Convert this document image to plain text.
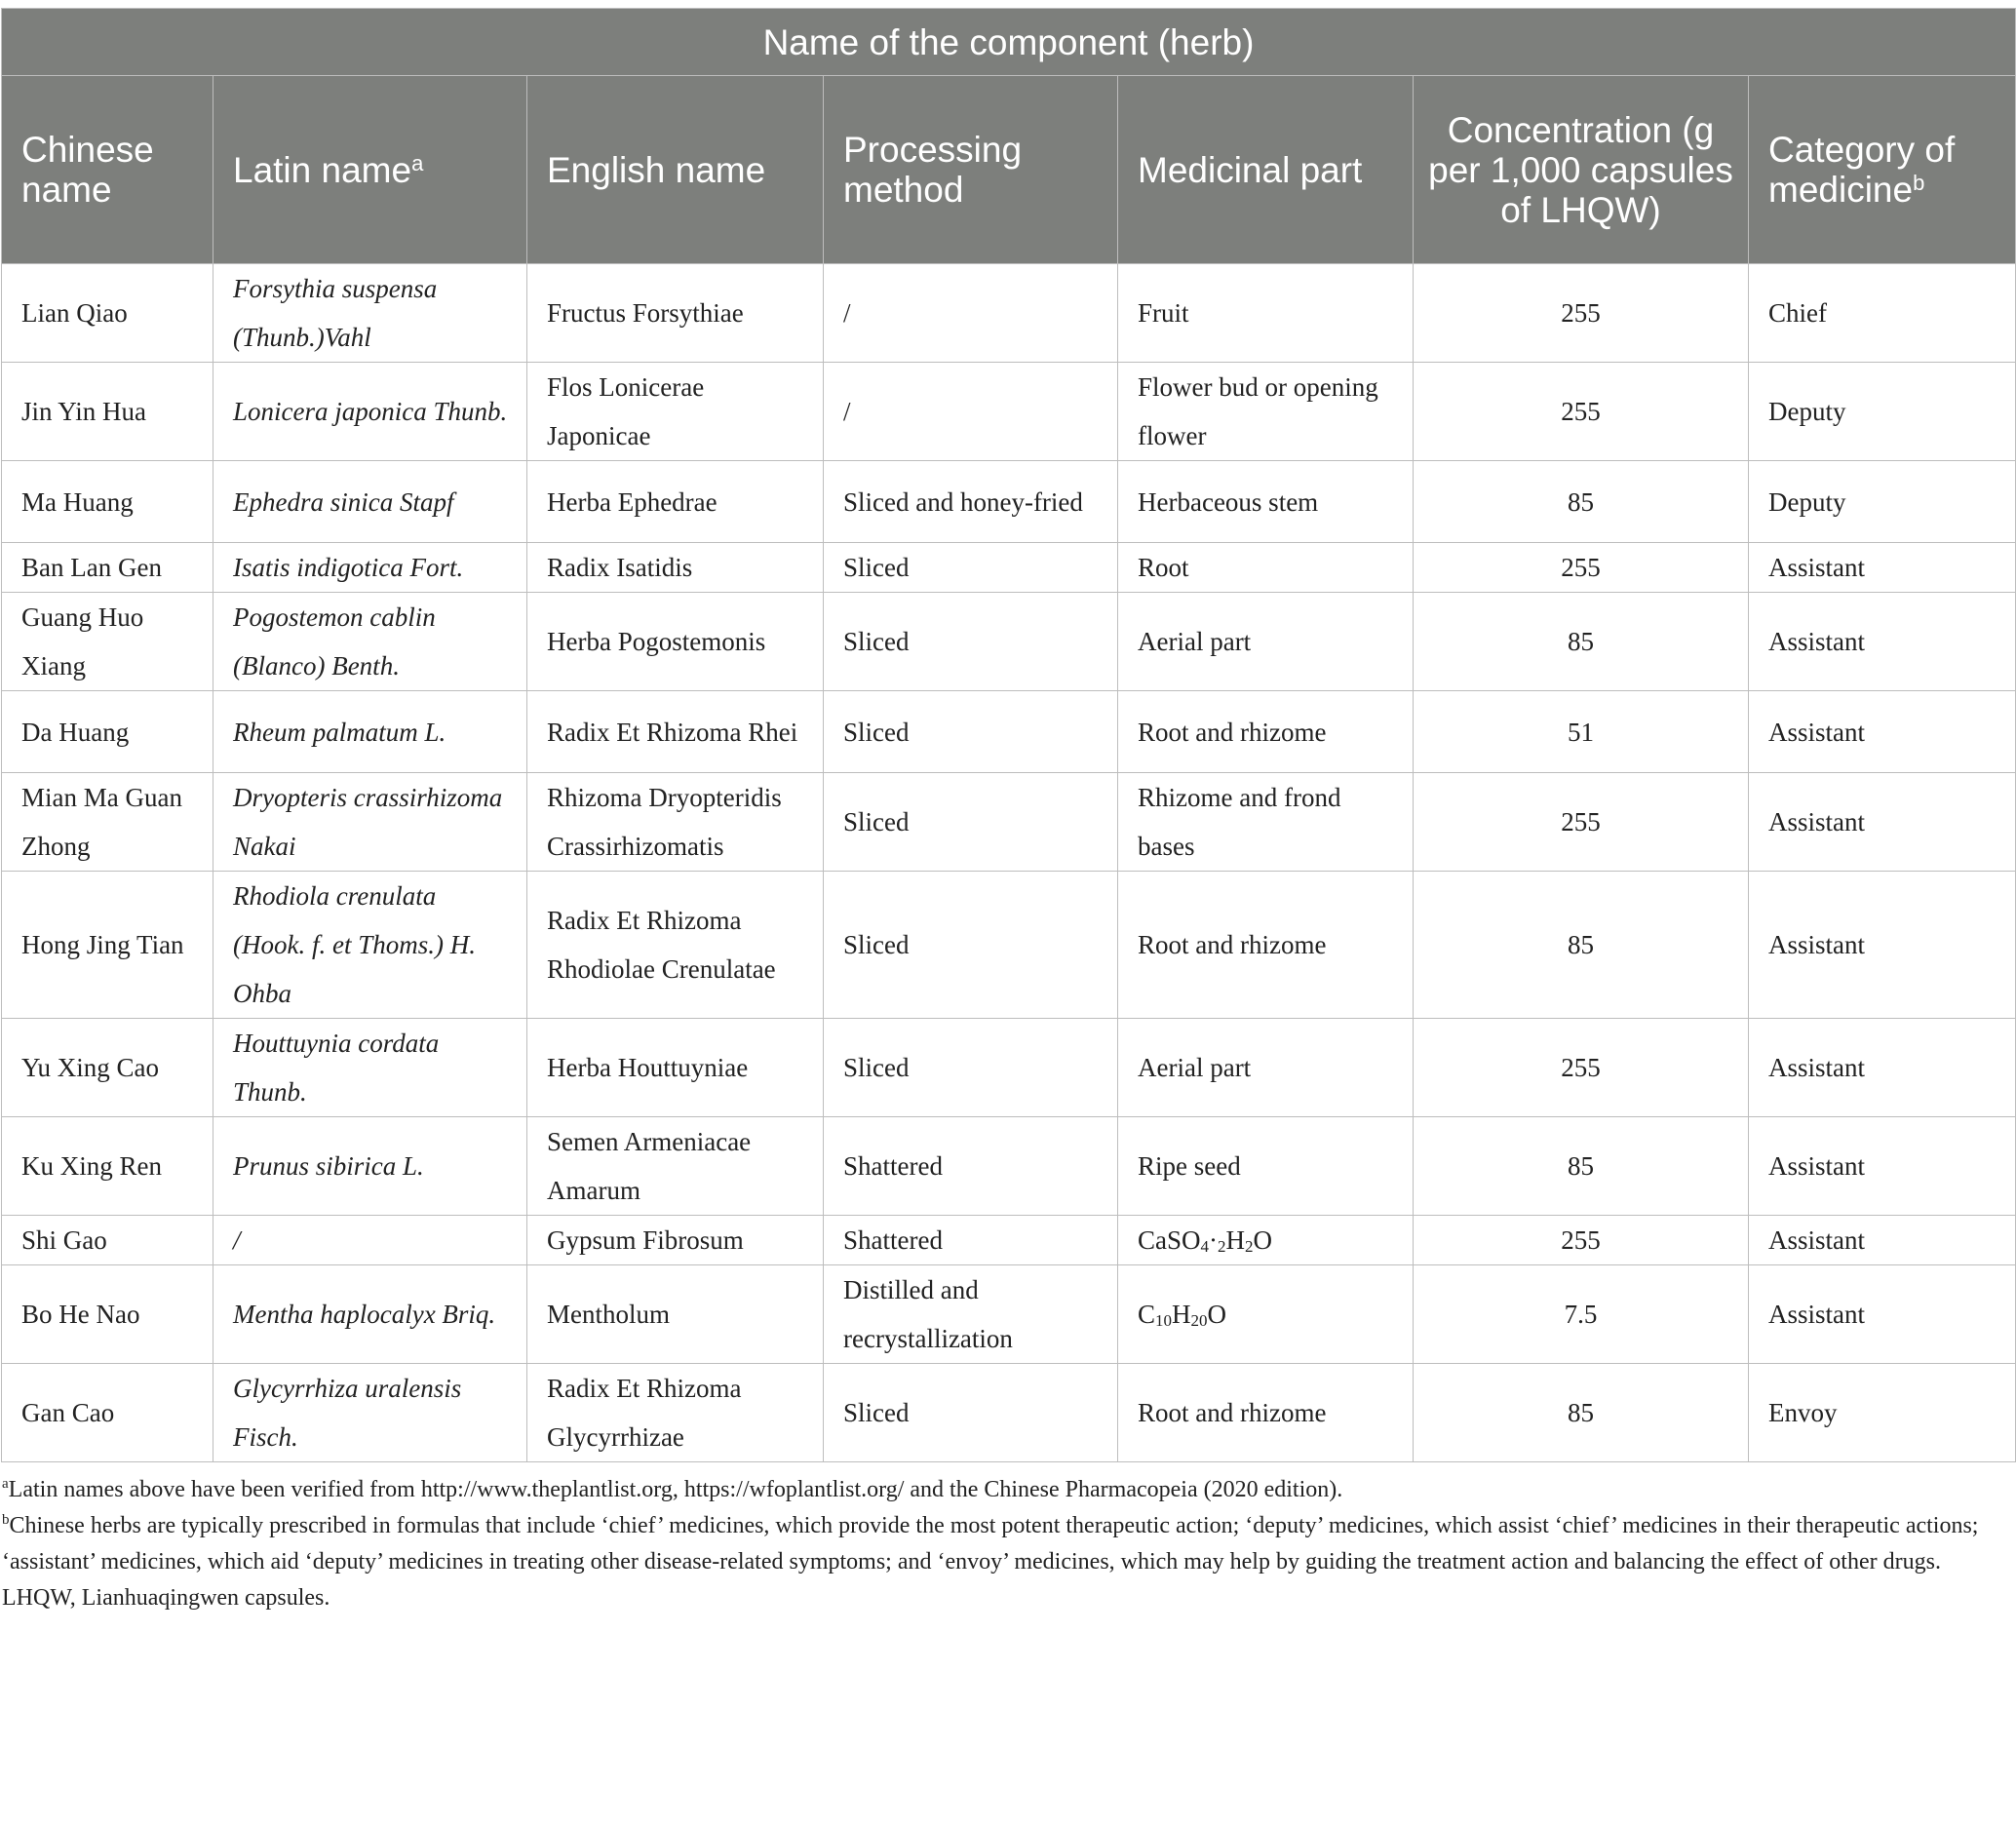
Name of the component (herb)						
Chinese name	Latin name$^a$	English name	Processing method	Medicinal part	Concentration (g per 1,000 capsules of LHQW)	Category of medicine$^b$
Lian Qiao	Forsythia suspensa (Thunb.)Vahl	Fructus Forsythiae	/	Fruit	255	Chief
Jin Yin Hua	Lonicera japonica Thunb.	Flos Lonicerae Japonicae	/	Flower bud or opening flower	255	Deputy
Ma Huang	Ephedra sinica Stapf	Herba Ephedrae	Sliced and honey-fried	Herbaceous stem	85	Deputy
Ban Lan Gen	Isatis indigotica Fort.	Radix Isatidis	Sliced	Root	255	Assistant
Guang Huo Xiang	Pogostemon cablin (Blanco) Benth.	Herba Pogostemonis	Sliced	Aerial part	85	Assistant
Da Huang	Rheum palmatum L.	Radix Et Rhizoma Rhei	Sliced	Root and rhizome	51	Assistant
Mian Ma Guan Zhong	Dryopteris crassirhizoma Nakai	Rhizoma Dryopteridis Crassirhizomatis	Sliced	Rhizome and frond bases	255	Assistant
Hong Jing Tian	Rhodiola crenulata (Hook. f. et Thoms.) H. Ohba	Radix Et Rhizoma Rhodiolae Crenulatae	Sliced	Root and rhizome	85	Assistant
Yu Xing Cao	Houttuynia cordata Thunb.	Herba Houttuyniae	Sliced	Aerial part	255	Assistant
Ku Xing Ren	Prunus sibirica L.	Semen Armeniacae Amarum	Shattered	Ripe seed	85	Assistant
Shi Gao	/	Gypsum Fibrosum	Shattered	$CaSO_4\cdot_2H_2O$	255	Assistant
Bo He Nao	Mentha haplocalyx Briq.	Mentholum	Distilled and recrystallization	$C_{10}H_{20}O$	7.5	Assistant
Gan Cao	Glycyrrhiza uralensis Fisch.	Radix Et Rhizoma Glycyrrhizae	Sliced	Root and rhizome	85	Envoy

$^a$Latin names above have been verified from http://www.theplantlist.org, https://wfoplantlist.org/ and the Chinese Pharmacopeia (2020 edition).

$^b$Chinese herbs are typically prescribed in formulas that include ‘chief’ medicines, which provide the most potent therapeutic action; ‘deputy’ medicines, which assist ‘chief’ medicines in their therapeutic actions; ‘assistant’ medicines, which aid ‘deputy’ medicines in treating other disease-related symptoms; and ‘envoy’ medicines, which may help by guiding the treatment action and balancing the effect of other drugs.

LHQW, Lianhuaqingwen capsules.
